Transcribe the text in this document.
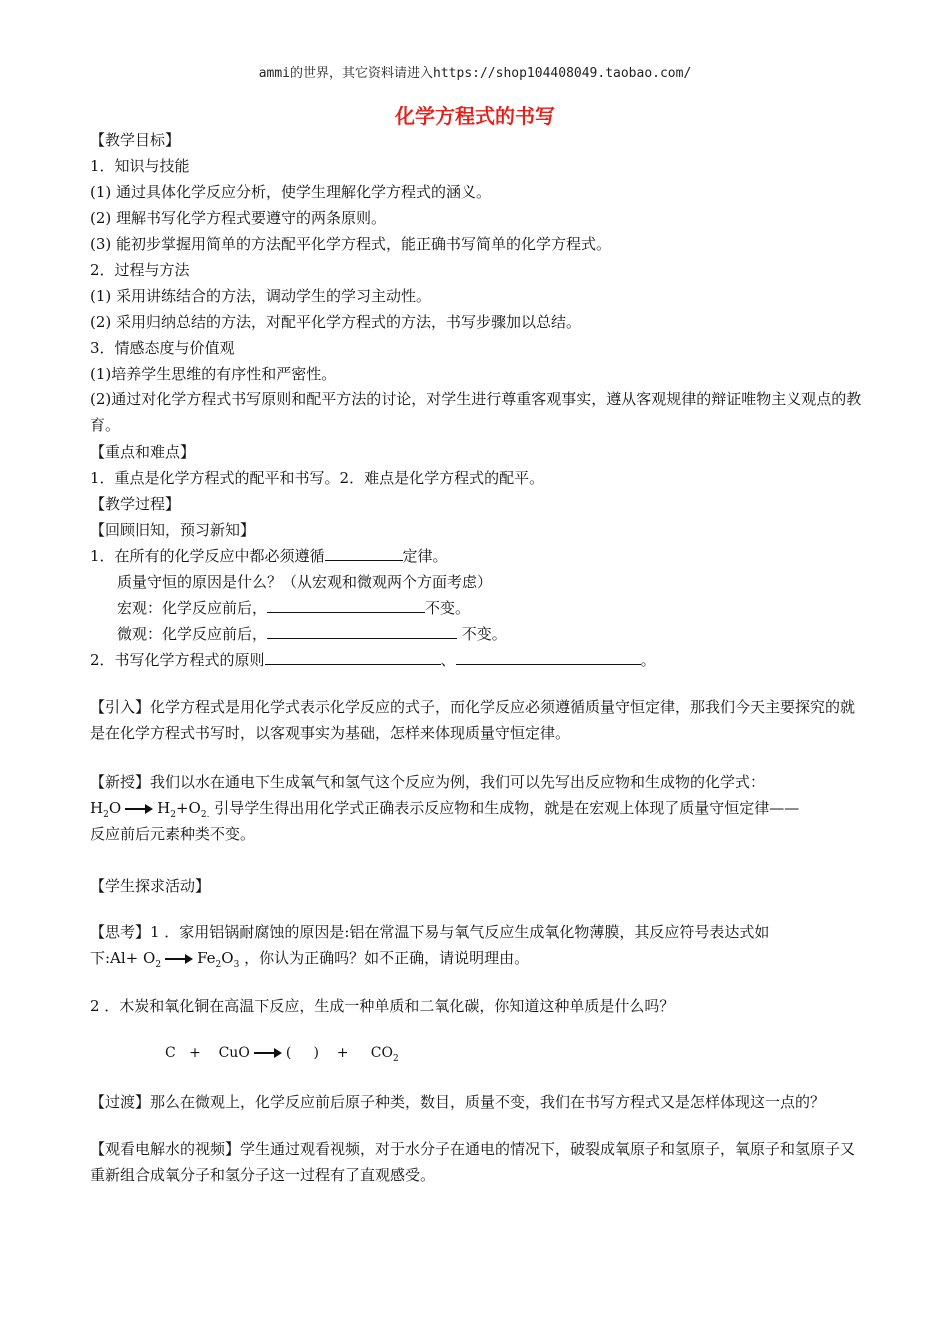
ammi的世界，其它资料请进入https://shop104408049.taobao.com/
化学方程式的书写
【教学目标】
1．知识与技能
(1) 通过具体化学反应分析，使学生理解化学方程式的涵义。
(2) 理解书写化学方程式要遵守的两条原则。
(3) 能初步掌握用简单的方法配平化学方程式，能正确书写简单的化学方程式。
2．过程与方法
(1) 采用讲练结合的方法，调动学生的学习主动性。
(2) 采用归纳总结的方法，对配平化学方程式的方法，书写步骤加以总结。
3．情感态度与价值观
(1)培养学生思维的有序性和严密性。
(2)通过对化学方程式书写原则和配平方法的讨论，对学生进行尊重客观事实，遵从客观规律的辩证唯物主义观点的教育。
【重点和难点】
1．重点是化学方程式的配平和书写。2．难点是化学方程式的配平。
【教学过程】
【回顾旧知，预习新知】
1．在所有的化学反应中都必须遵循	定律。
质量守恒的原因是什么？（从宏观和微观两个方面考虑）
宏观：化学反应前后，	不变。
微观：化学反应前后，	不变。
2．书写化学方程式的原则	、	。
【引入】化学方程式是用化学式表示化学反应的式子，而化学反应必须遵循质量守恒定律，那我们今天主要探究的就是在化学方程式书写时，以客观事实为基础，怎样来体现质量守恒定律。
【新授】我们以水在通电下生成氧气和氢气这个反应为例，我们可以先写出反应物和生成物的化学式：
$H_2O$ $H_2+O_{2.}$ 引导学生得出用化学式正确表示反应物和生成物，就是在宏观上体现了质量守恒定律——
反应前后元素种类不变。
【学生探求活动】
【思考】1 ．家用铝锅耐腐蚀的原因是:铝在常温下易与氧气反应生成氧化物薄膜，其反应符号表达式如
下:Al+ $O_2$ $Fe_2O_3$ ，你认为正确吗？如不正确，请说明理由。
2 ．木炭和氧化铜在高温下反应，生成一种单质和二氧化碳，你知道这种单质是什么吗？
C   +    CuO	(     )    +     $CO_2$
【过渡】那么在微观上，化学反应前后原子种类，数目，质量不变，我们在书写方程式又是怎样体现这一点的？
【观看电解水的视频】学生通过观看视频，对于水分子在通电的情况下，破裂成氧原子和氢原子，氧原子和氢原子又重新组合成氧分子和氢分子这一过程有了直观感受。
